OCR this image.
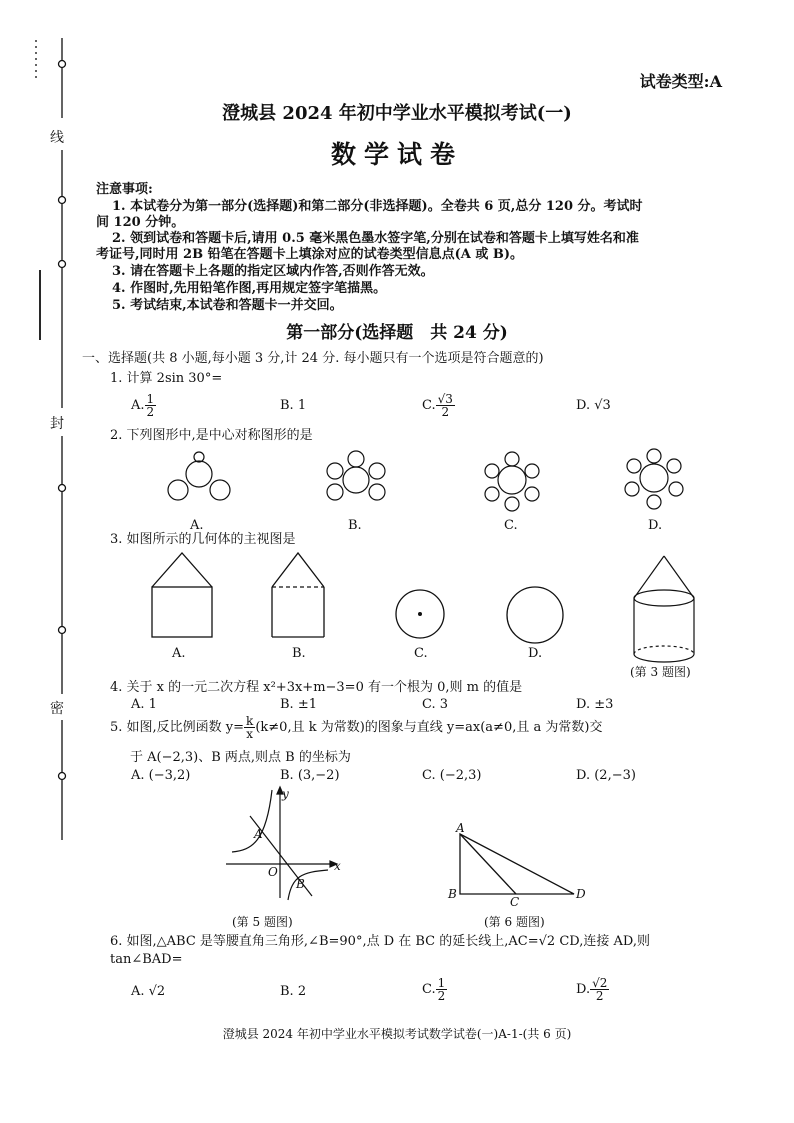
线
封
密
试卷类型:A
澄城县 2024 年初中学业水平模拟考试(一)
数学试卷
注意事项:
1. 本试卷分为第一部分(选择题)和第二部分(非选择题)。全卷共 6 页,总分 120 分。考试时
间 120 分钟。
2. 领到试卷和答题卡后,请用 0.5 毫米黑色墨水签字笔,分别在试卷和答题卡上填写姓名和准
考证号,同时用 2B 铅笔在答题卡上填涂对应的试卷类型信息点(A 或 B)。
3. 请在答题卡上各题的指定区域内作答,否则作答无效。
4. 作图时,先用铅笔作图,再用规定签字笔描黑。
5. 考试结束,本试卷和答题卡一并交回。
第一部分(选择题　共 24 分)
一、选择题(共 8 小题,每小题 3 分,计 24 分. 每小题只有一个选项是符合题意的)
1. 计算 2sin 30°=
A. $\frac{1}{2}$	B. 1	C. $\frac{√3}{2}$	D. √3
2. 下列图形中,是中心对称图形的是
A.	B.	C.	D.
3. 如图所示的几何体的主视图是
A.	B.	C.	D.
(第 3 题图)
4. 关于 x 的一元二次方程 x²+3x+m−3=0 有一个根为 0,则 m 的值是
A. 1	B. ±1	C. 3	D. ±3
5. 如图,反比例函数 $y= \frac{k}{x} (k\ne 0$,且 k 为常数)的图象与直线 y=ax(a≠0,且 a 为常数)交
于 A(−2,3)、B 两点,则点 B 的坐标为
A. (−3,2)	B. (3,−2)	C. (−2,3)	D. (2,−3)
y
x
O
A
B
(第 5 题图)
A
B
C
D
(第 6 题图)
6. 如图,△ABC 是等腰直角三角形,∠B=90°,点 D 在 BC 的延长线上,AC=√2 CD,连接 AD,则
tan∠BAD=
A. √2	B. 2	C. $\frac{1}{2}$	D. $\frac{√2}{2}$
澄城县 2024 年初中学业水平模拟考试数学试卷(一)A-1-(共 6 页)
